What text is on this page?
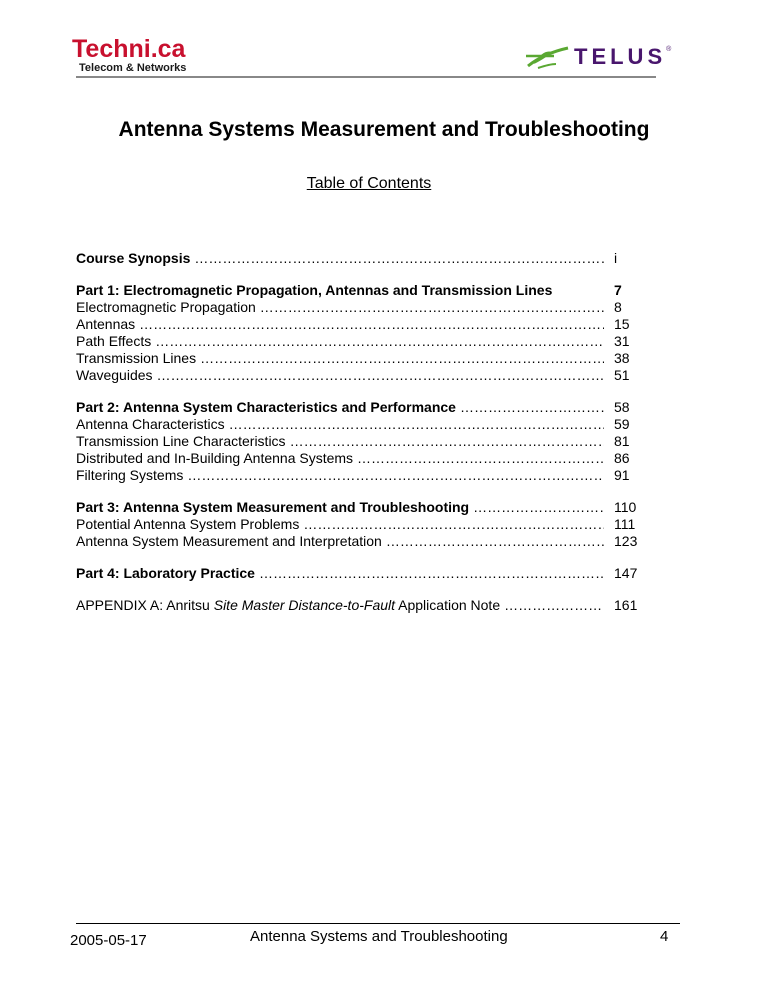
Techni.ca
Telecom & Networks	TELUS ®
Antenna Systems Measurement and Troubleshooting
Table of Contents
Course Synopsis …………………………………………………………………………………………………………………………………………	i
Part 1: Electromagnetic Propagation, Antennas and Transmission Lines	7
Electromagnetic Propagation …………………………………………………………………………………………………………………………………………	8
Antennas …………………………………………………………………………………………………………………………………………	15
Path Effects …………………………………………………………………………………………………………………………………………	31
Transmission Lines …………………………………………………………………………………………………………………………………………	38
Waveguides …………………………………………………………………………………………………………………………………………	51
Part 2: Antenna System Characteristics and Performance …………………………………………………………………………………………………………………………………………	58
Antenna Characteristics …………………………………………………………………………………………………………………………………………	59
Transmission Line Characteristics …………………………………………………………………………………………………………………………………………	81
Distributed and In-Building Antenna Systems …………………………………………………………………………………………………………………………………………	86
Filtering Systems …………………………………………………………………………………………………………………………………………	91
Part 3: Antenna System Measurement and Troubleshooting …………………………………………………………………………………………………………………………………………	110
Potential Antenna System Problems …………………………………………………………………………………………………………………………………………	111
Antenna System Measurement and Interpretation …………………………………………………………………………………………………………………………………………	123
Part 4: Laboratory Practice …………………………………………………………………………………………………………………………………………	147
APPENDIX A: Anritsu Site Master Distance-to-Fault Application Note …………………………………………………………………………………………………………………………………………	161
2005-05-17	Antenna Systems and Troubleshooting	4
